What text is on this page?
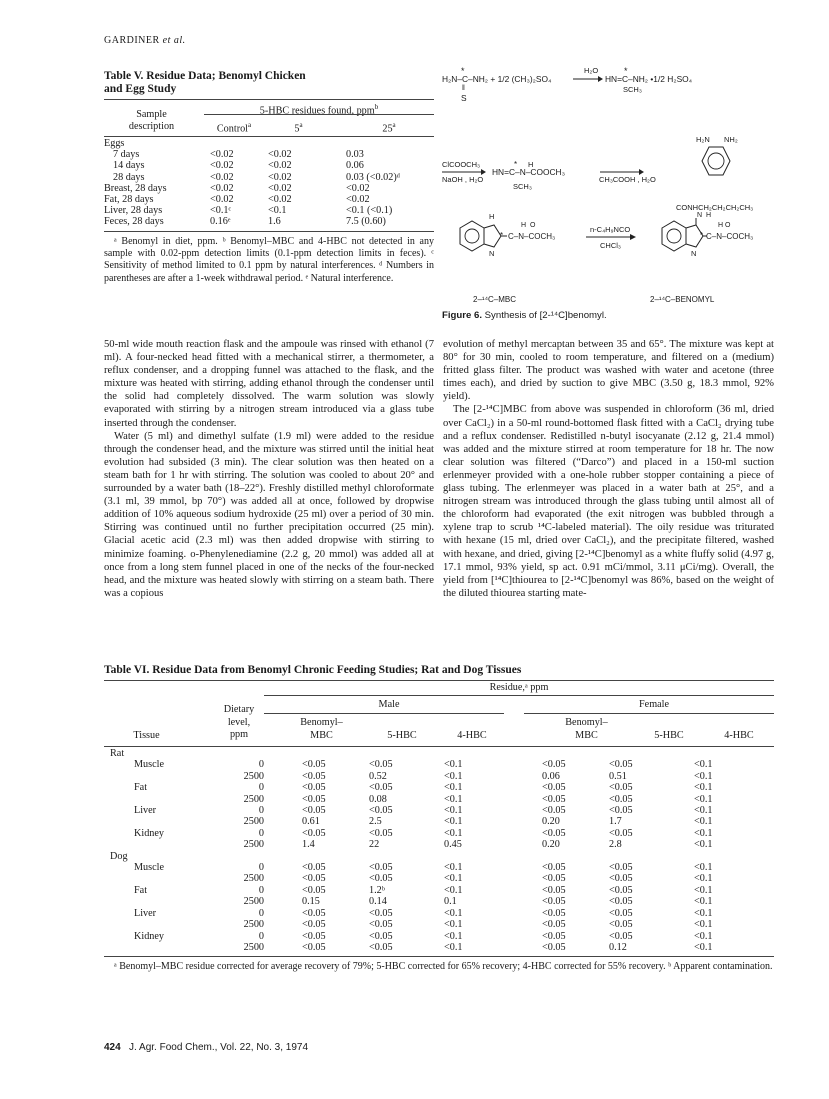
GARDINER et al.
Table V. Residue Data; Benomyl Chicken
and Egg Study
Sample
description
5-HBC residues found, ppm$^b$
Control$^a$	5$^a$	25$^a$
Eggs			
7 days	<0.02	<0.02	0.03
14 days	<0.02	<0.02	0.06
28 days	<0.02	<0.02	0.03 (<0.02)ᵈ
Breast, 28 days	<0.02	<0.02	<0.02
Fat, 28 days	<0.02	<0.02	<0.02
Liver, 28 days	<0.1ᶜ	<0.1	<0.1 (<0.1)
Feces, 28 days	0.16ᵉ	1.6	7.5 (0.60)
ᵃ Benomyl in diet, ppm. ᵇ Benomyl–MBC and 4-HBC not detected in any sample with 0.02-ppm detection limits (0.1-ppm detection limits in feces). ᶜ Sensitivity of method limited to 0.1 ppm by natural interferences. ᵈ Numbers in parentheses are after a 1-week withdrawal period. ᵉ Natural interference.
H₂N–C–NH₂ + 1/2 (CH₃)₂SO₄
*
‖
S
H₂O
HN=C–NH₂ •1/2 H₂SO₄
*
SCH₃
H₂N NH₂
ClCOOCH₃
NaOH , H₂O
* H
HN=C–N–COOCH₃
SCH₃
CH₃COOH , H₂O
CONHCH₂CH₂CH₂CH₃
H
N
* C–N–COCH₃
H  O	n-C₄H₉NCO
CHCl₃
N
* C–N–COCH₃
N  H
H O
2–¹⁴C–MBC	2–¹⁴C–BENOMYL
Figure 6. Synthesis of [2-¹⁴C]benomyl.

50-ml wide mouth reaction flask and the ampoule was rinsed with ethanol (7 ml). A four-necked head fitted with a mechanical stirrer, a thermometer, a reflux condenser, and a dropping funnel was attached to the flask, and the mixture was heated with stirring, adding ethanol through the condenser until the solid had completely dissolved. The warm solution was slowly evaporated with stirring by a nitrogen stream introduced via a glass tube inserted through the condenser.

Water (5 ml) and dimethyl sulfate (1.9 ml) were added to the residue through the condenser head, and the mixture was stirred until the initial heat evolution had subsided (3 min). The clear solution was then heated on a steam bath for 1 hr with stirring. The solution was cooled to about 20° and surrounded by a water bath (18–22°). Freshly distilled methyl chloroformate (3.1 ml, 39 mmol, bp 70°) was added all at once, followed by dropwise addition of 10% aqueous sodium hydroxide (25 ml) over a period of 30 min. Stirring was continued until no further precipitation occurred (25 min). Glacial acetic acid (2.3 ml) was then added dropwise with stirring to minimize foaming. o-Phenylenediamine (2.2 g, 20 mmol) was added all at once from a long stem funnel placed in one of the necks of the four-necked head, and the mixture was heated slowly with stirring on a steam bath. There was a copious

evolution of methyl mercaptan between 35 and 65°. The mixture was kept at 80° for 30 min, cooled to room temperature, and filtered on a (medium) fritted glass filter. The product was washed with water and acetone (three times each), and dried by suction to give MBC (3.50 g, 18.3 mmol, 92% yield).

The [2-¹⁴C]MBC from above was suspended in chloroform (36 ml, dried over CaCl₂) in a 50-ml round-bottomed flask fitted with a CaCl₂ drying tube and a reflux condenser. Redistilled n-butyl isocyanate (2.12 g, 21.4 mmol) was added and the mixture stirred at room temperature for 18 hr. The now clear solution was filtered (“Darco”) and placed in a 150-ml suction erlenmeyer provided with a one-hole rubber stopper containing a piece of glass tubing. The erlenmeyer was placed in a water bath at 25°, and a nitrogen stream was introduced through the glass tubing until almost all of the chloroform had evaporated (the exit nitrogen was bubbled through a xylene trap to scrub ¹⁴C-labeled material). The oily residue was triturated with hexane (15 ml, dried over CaCl₂), and the precipitate filtered, washed with hexane, and dried, giving [2-¹⁴C]benomyl as a white fluffy solid (4.97 g, 17.1 mmol, 93% yield, sp act. 0.91 mCi/mmol, 3.11 μCi/mg). Overall, the yield from [¹⁴C]thiourea to [2-¹⁴C]benomyl was 86%, based on the weight of the diluted thiourea starting mate-

Table VI. Residue Data from Benomyl Chronic Feeding Studies; Rat and Dog Tissues
Residue,ᵃ ppm
Male	Female
Tissue
Dietary
level,
ppm
Benomyl–
MBC	5-HBC	4-HBC
Benomyl–
MBC	5-HBC	4-HBC
Rat							
Muscle	0	<0.05	<0.05	<0.1	<0.05	<0.05	<0.1
	2500	<0.05	0.52	<0.1	0.06	0.51	<0.1
Fat	0	<0.05	<0.05	<0.1	<0.05	<0.05	<0.1
	2500	<0.05	0.08	<0.1	<0.05	<0.05	<0.1
Liver	0	<0.05	<0.05	<0.1	<0.05	<0.05	<0.1
	2500	0.61	2.5	<0.1	0.20	1.7	<0.1
Kidney	0	<0.05	<0.05	<0.1	<0.05	<0.05	<0.1
	2500	1.4	22	0.45	0.20	2.8	<0.1
Dog							
Muscle	0	<0.05	<0.05	<0.1	<0.05	<0.05	<0.1
	2500	<0.05	<0.05	<0.1	<0.05	<0.05	<0.1
Fat	0	<0.05	1.2ᵇ	<0.1	<0.05	<0.05	<0.1
	2500	0.15	0.14	0.1	<0.05	<0.05	<0.1
Liver	0	<0.05	<0.05	<0.1	<0.05	<0.05	<0.1
	2500	<0.05	<0.05	<0.1	<0.05	<0.05	<0.1
Kidney	0	<0.05	<0.05	<0.1	<0.05	<0.05	<0.1
	2500	<0.05	<0.05	<0.1	<0.05	0.12	<0.1
ᵃ Benomyl–MBC residue corrected for average recovery of 79%; 5-HBC corrected for 65% recovery; 4-HBC corrected for 55% recovery. ᵇ Apparent contamination.
424 J. Agr. Food Chem., Vol. 22, No. 3, 1974
